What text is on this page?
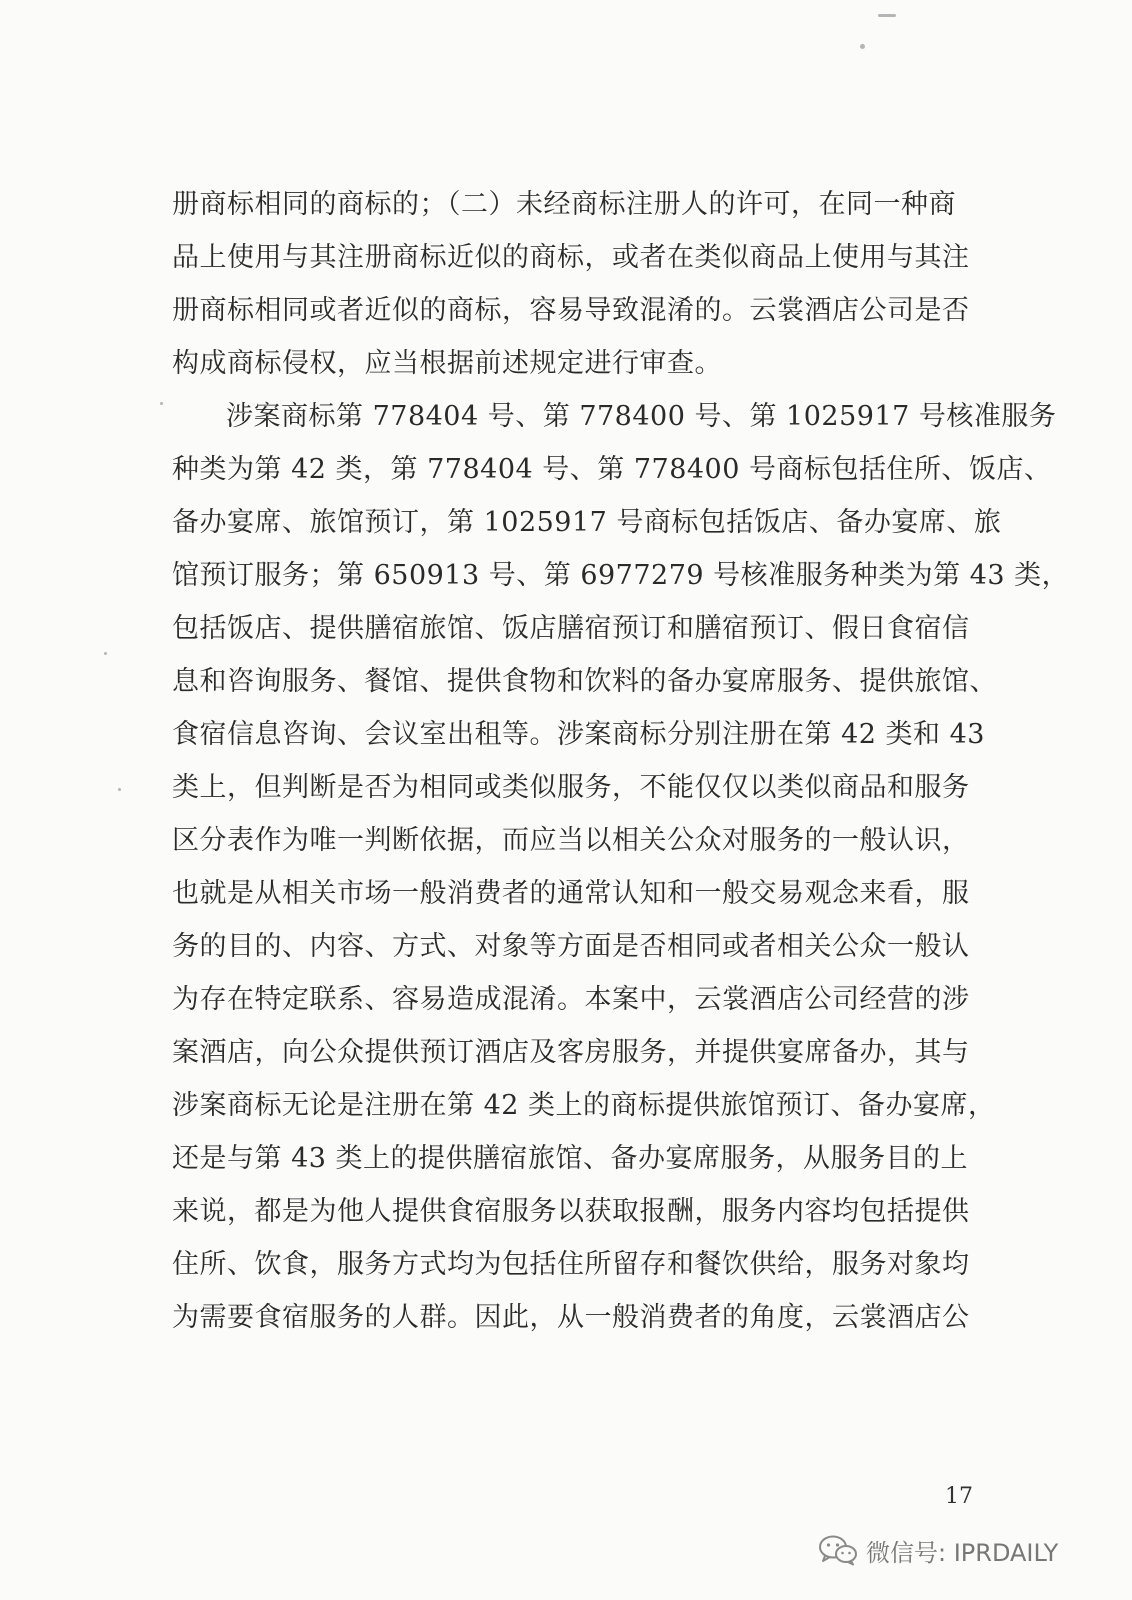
册商标相同的商标的；（二）未经商标注册人的许可，在同一种商
品上使用与其注册商标近似的商标，或者在类似商品上使用与其注
册商标相同或者近似的商标，容易导致混淆的。云裳酒店公司是否
构成商标侵权，应当根据前述规定进行审查。
涉案商标第 778404 号、第 778400 号、第 1025917 号核准服务
种类为第 42 类，第 778404 号、第 778400 号商标包括住所、饭店、
备办宴席、旅馆预订，第 1025917 号商标包括饭店、备办宴席、旅
馆预订服务；第 650913 号、第 6977279 号核准服务种类为第 43 类，
包括饭店、提供膳宿旅馆、饭店膳宿预订和膳宿预订、假日食宿信
息和咨询服务、餐馆、提供食物和饮料的备办宴席服务、提供旅馆、
食宿信息咨询、会议室出租等。涉案商标分别注册在第 42 类和 43
类上，但判断是否为相同或类似服务，不能仅仅以类似商品和服务
区分表作为唯一判断依据，而应当以相关公众对服务的一般认识，
也就是从相关市场一般消费者的通常认知和一般交易观念来看，服
务的目的、内容、方式、对象等方面是否相同或者相关公众一般认
为存在特定联系、容易造成混淆。本案中，云裳酒店公司经营的涉
案酒店，向公众提供预订酒店及客房服务，并提供宴席备办，其与
涉案商标无论是注册在第 42 类上的商标提供旅馆预订、备办宴席，
还是与第 43 类上的提供膳宿旅馆、备办宴席服务，从服务目的上
来说，都是为他人提供食宿服务以获取报酬，服务内容均包括提供
住所、饮食，服务方式均为包括住所留存和餐饮供给，服务对象均
为需要食宿服务的人群。因此，从一般消费者的角度，云裳酒店公
17
微信号: IPRDAILY
